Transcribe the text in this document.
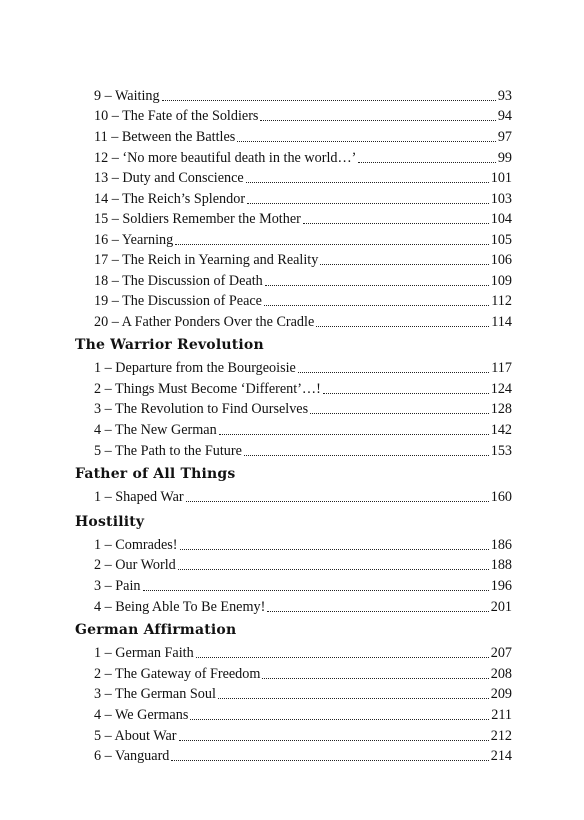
9 – Waiting	93
10 – The Fate of the Soldiers	94
11 – Between the Battles	97
12 – ‘No more beautiful death in the world…’	99
13 – Duty and Conscience	101
14 – The Reich’s Splendor	103
15 – Soldiers Remember the Mother	104
16 – Yearning	105
17 – The Reich in Yearning and Reality	106
18 – The Discussion of Death	109
19 – The Discussion of Peace	112
20 – A Father Ponders Over the Cradle	114
The Warrior Revolution
1 – Departure from the Bourgeoisie	117
2 – Things Must Become ‘Different’…!	124
3 – The Revolution to Find Ourselves	128
4 – The New German	142
5 – The Path to the Future	153
Father of All Things
1 – Shaped War	160
Hostility
1 – Comrades!	186
2 – Our World	188
3 – Pain	196
4 – Being Able To Be Enemy!	201
German Affirmation
1 – German Faith	207
2 – The Gateway of Freedom	208
3 – The German Soul	209
4 – We Germans	211
5 – About War	212
6 – Vanguard	214
